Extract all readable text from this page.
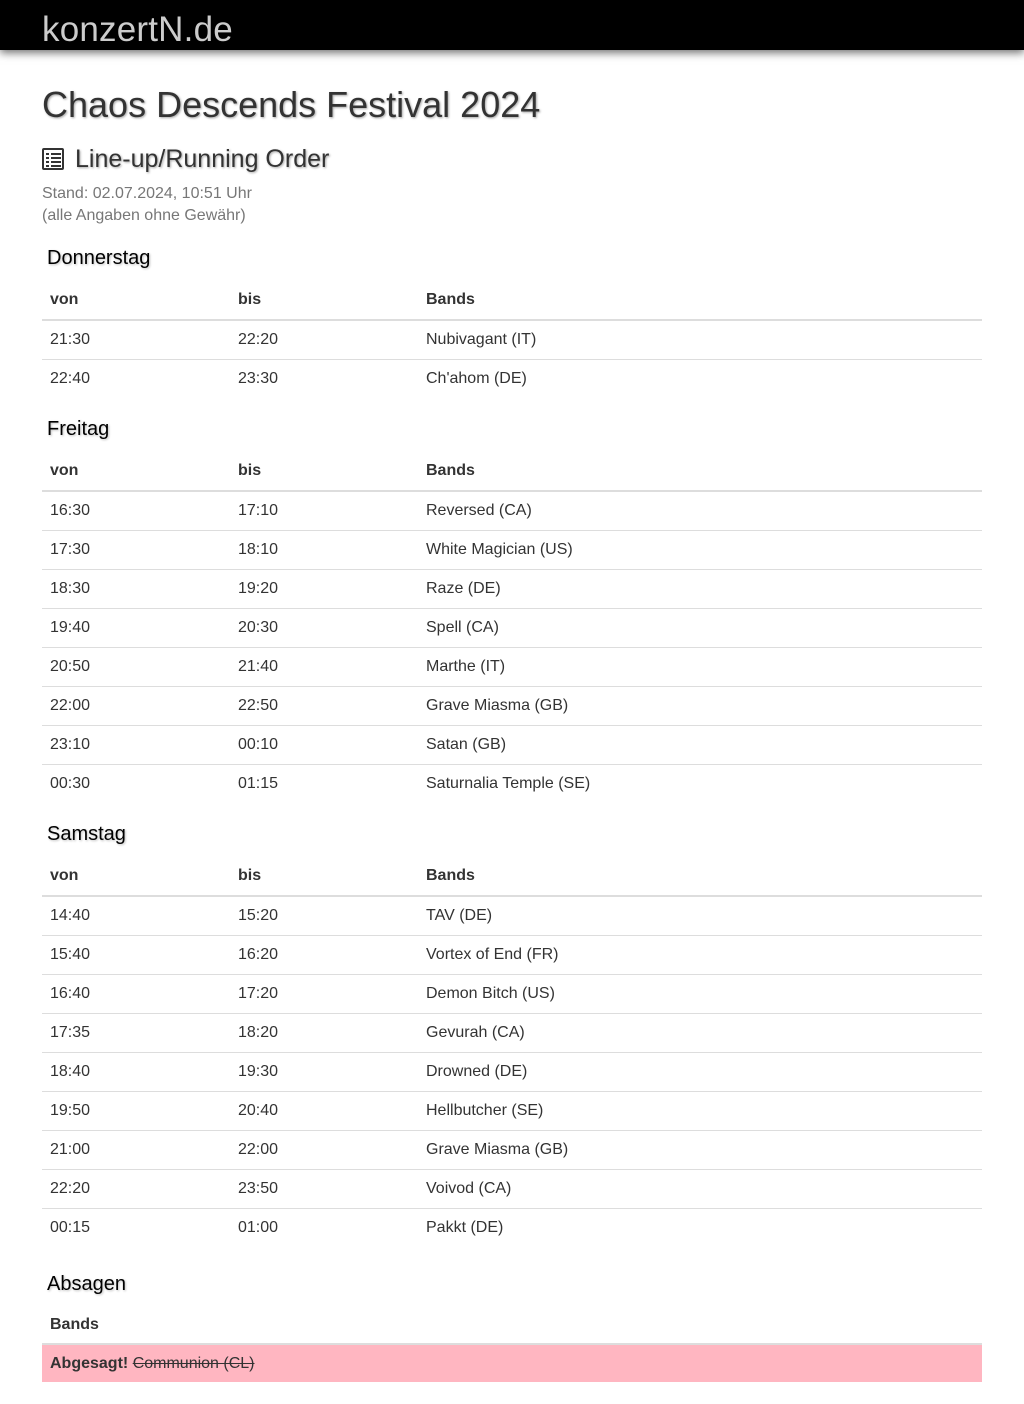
konzertN.de
Chaos Descends Festival 2024
Line-up/Running Order
Stand: 02.07.2024, 10:51 Uhr
(alle Angaben ohne Gewähr)
Donnerstag
von	bis	Bands
21:30	22:20	Nubivagant (IT)
22:40	23:30	Ch'ahom (DE)
Freitag
von	bis	Bands
16:30	17:10	Reversed (CA)
17:30	18:10	White Magician (US)
18:30	19:20	Raze (DE)
19:40	20:30	Spell (CA)
20:50	21:40	Marthe (IT)
22:00	22:50	Grave Miasma (GB)
23:10	00:10	Satan (GB)
00:30	01:15	Saturnalia Temple (SE)
Samstag
von	bis	Bands
14:40	15:20	TAV (DE)
15:40	16:20	Vortex of End (FR)
16:40	17:20	Demon Bitch (US)
17:35	18:20	Gevurah (CA)
18:40	19:30	Drowned (DE)
19:50	20:40	Hellbutcher (SE)
21:00	22:00	Grave Miasma (GB)
22:20	23:50	Voivod (CA)
00:15	01:00	Pakkt (DE)
Absagen
Bands
Abgesagt! Communion (CL)
